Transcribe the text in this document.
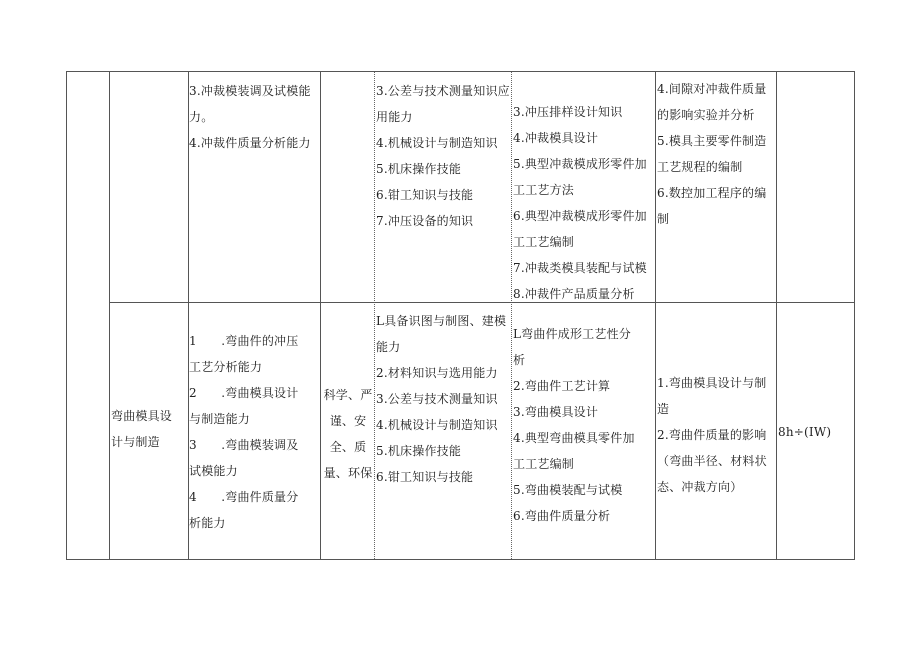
3.冲裁模装调及试模能

力。

4.冲裁件质量分析能力

3.公差与技术测量知识应

用能力

4.机械设计与制造知识

5.机床操作技能

6.钳工知识与技能

7.冲压设备的知识

3.冲压排样设计知识

4.冲裁模具设计

5.典型冲裁模成形零件加

工工艺方法

6.典型冲裁模成形零件加

工工艺编制

7.冲裁类模具装配与试模

8.冲裁件产品质量分析

4.间隙对冲裁件质量

的影响实验并分析

5.模具主要零件制造

工艺规程的编制

6.数控加工程序的编

制

弯曲模具设

计与制造

1　　.弯曲件的冲压

工艺分析能力

2　　.弯曲模具设计

与制造能力

3　　.弯曲模装调及

试模能力

4　　.弯曲件质量分

析能力

科学、严

谨、安

全、质

量、环保

L具备识图与制图、建模

能力

2.材料知识与选用能力

3.公差与技术测量知识

4.机械设计与制造知识

5.机床操作技能

6.钳工知识与技能

L弯曲件成形工艺性分

析

2.弯曲件工艺计算

3.弯曲模具设计

4.典型弯曲模具零件加

工工艺编制

5.弯曲模装配与试模

6.弯曲件质量分析

1.弯曲模具设计与制

造

2.弯曲件质量的影响

（弯曲半径、材料状

态、冲裁方向）

8h÷(IW)
